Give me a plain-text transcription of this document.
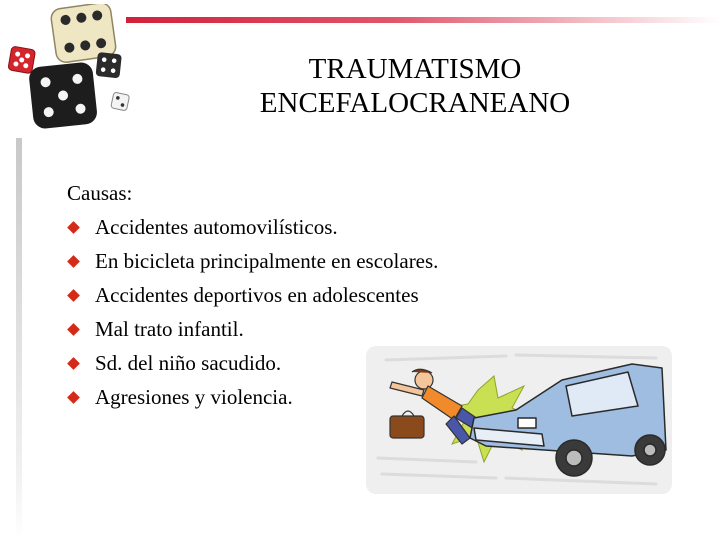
TRAUMATISMO
ENCEFALOCRANEANO
Causas:
Accidentes automovilísticos.
En bicicleta principalmente en escolares.
Accidentes deportivos en adolescentes
Mal trato infantil.
Sd. del niño sacudido.
Agresiones y violencia.
